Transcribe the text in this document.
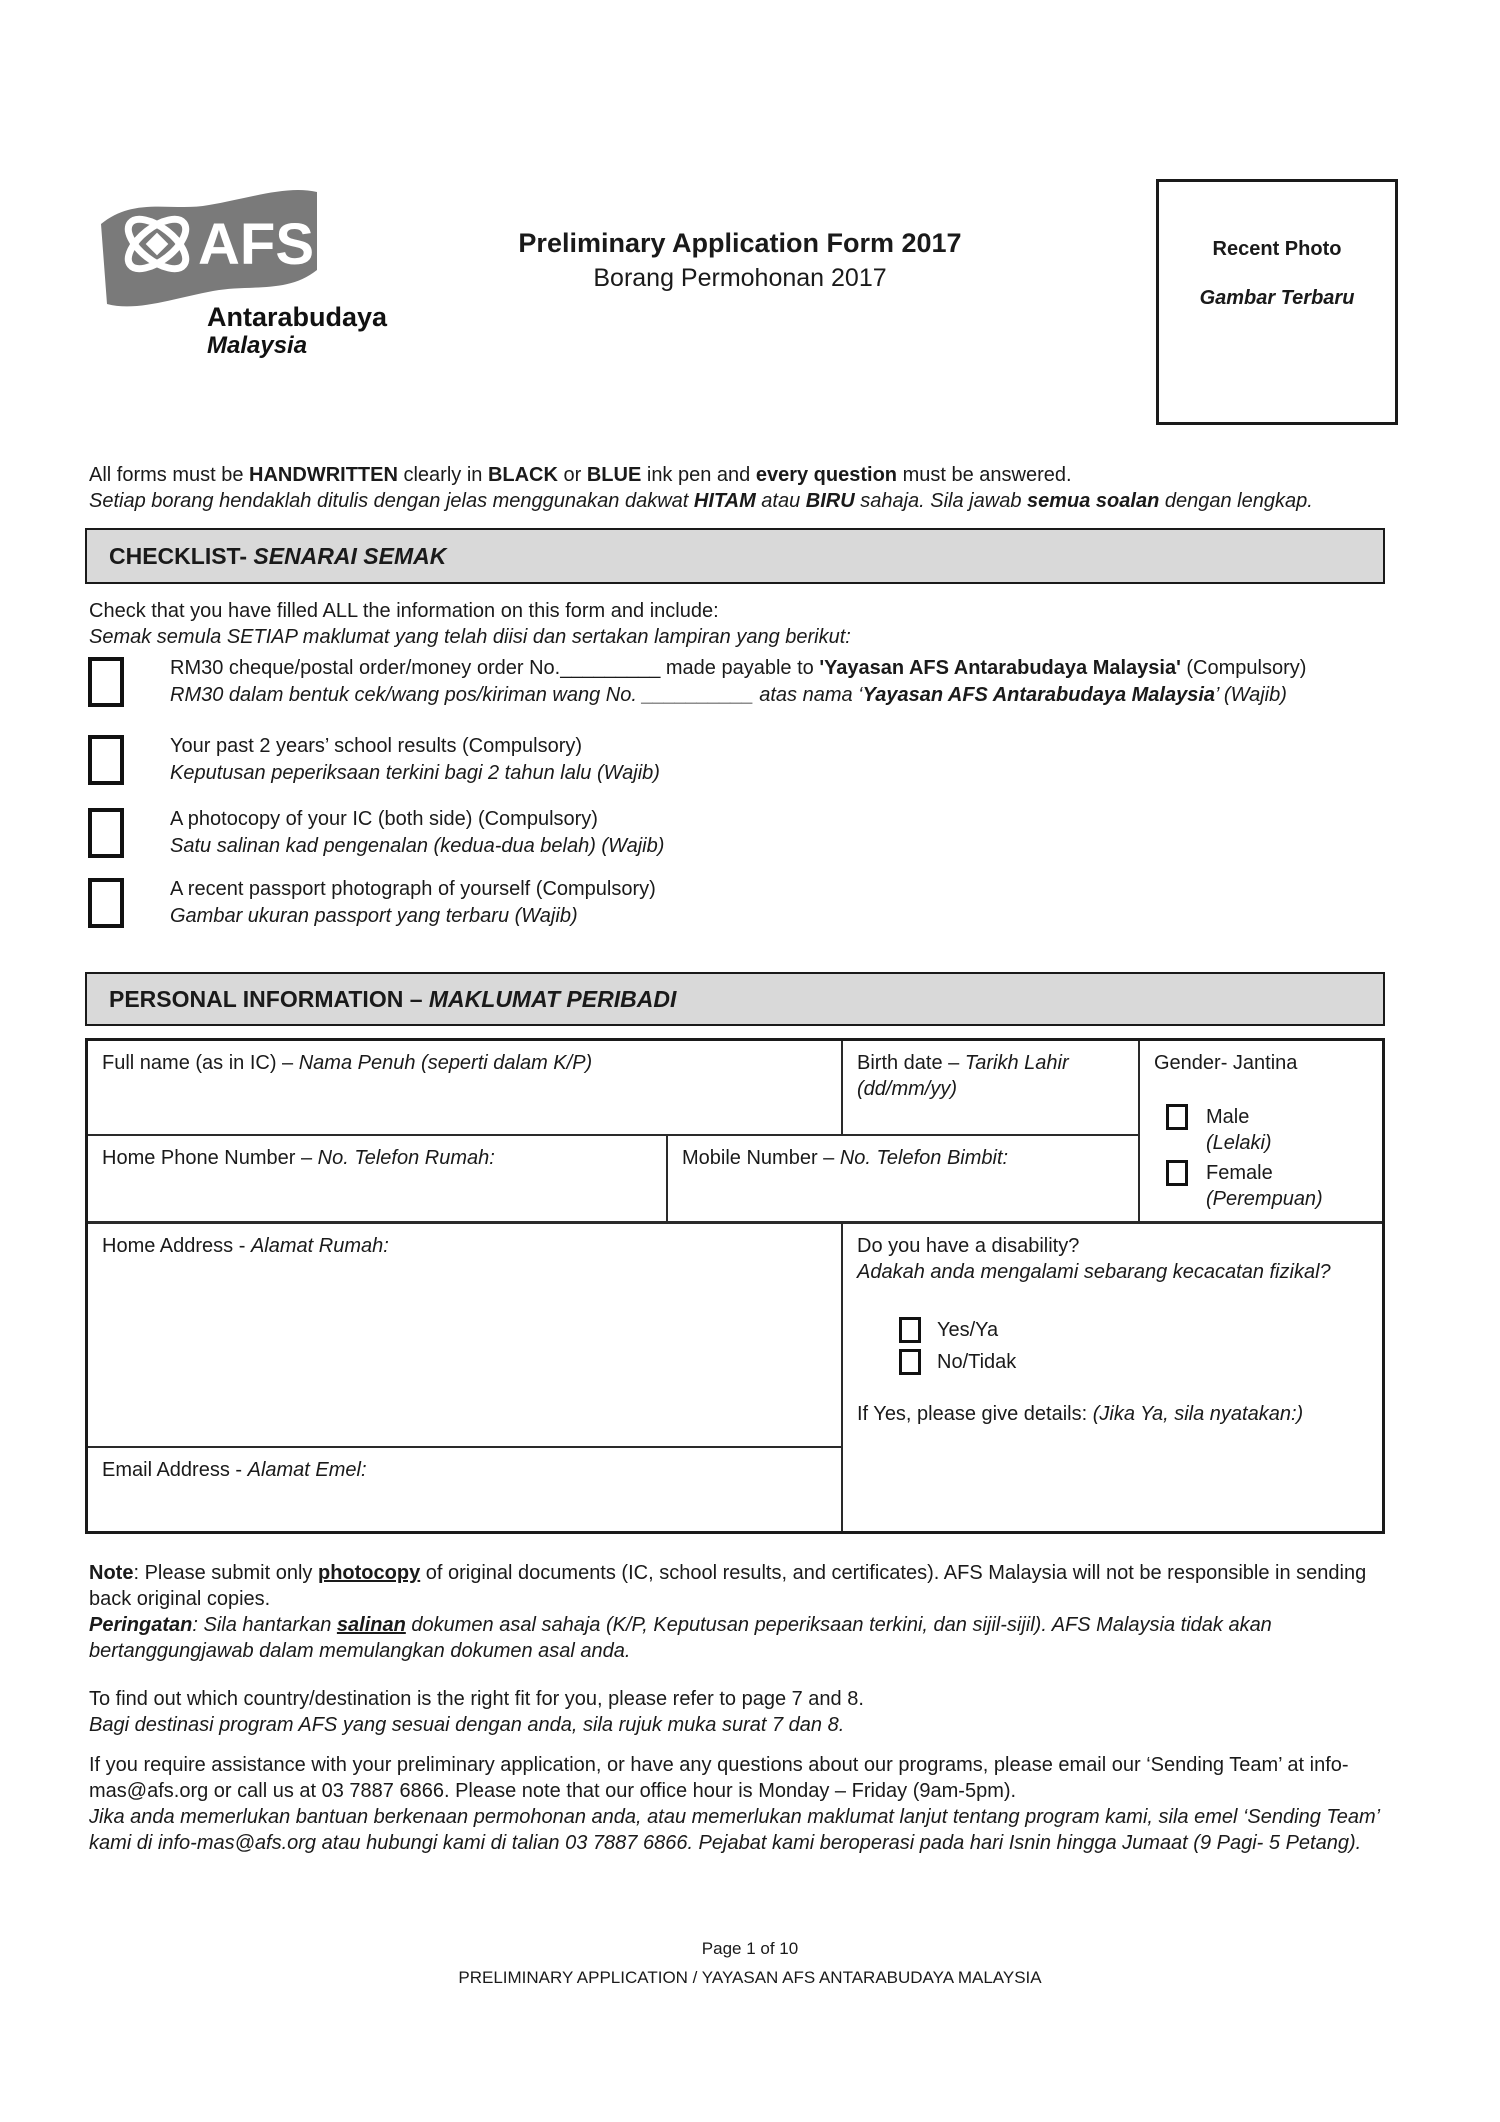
AFS
Antarabudaya
Malaysia
Preliminary Application Form 2017
Borang Permohonan 2017
Recent Photo
Gambar Terbaru
All forms must be HANDWRITTEN clearly in BLACK or BLUE ink pen and every question must be answered.
Setiap borang hendaklah ditulis dengan jelas menggunakan dakwat HITAM atau BIRU sahaja. Sila jawab semua soalan dengan lengkap.
CHECKLIST- SENARAI SEMAK
Check that you have filled ALL the information on this form and include:
Semak semula SETIAP maklumat yang telah diisi dan sertakan lampiran yang berikut:
RM30 cheque/postal order/money order No._________ made payable to 'Yayasan AFS Antarabudaya Malaysia' (Compulsory)
RM30 dalam bentuk cek/wang pos/kiriman wang No. __________ atas nama ‘Yayasan AFS Antarabudaya Malaysia’ (Wajib)
Your past 2 years’ school results (Compulsory)
Keputusan peperiksaan terkini bagi 2 tahun lalu (Wajib)
A photocopy of your IC (both side) (Compulsory)
Satu salinan kad pengenalan (kedua-dua belah) (Wajib)
A recent passport photograph of yourself (Compulsory)
Gambar ukuran passport yang terbaru (Wajib)
PERSONAL INFORMATION – MAKLUMAT PERIBADI
Full name (as in IC) – Nama Penuh (seperti dalam K/P)	Birth date – Tarikh Lahir
(dd/mm/yy)
Gender- Jantina
Male
(Lelaki)
Female
(Perempuan)
Home Phone Number – No. Telefon Rumah:	Mobile Number – No. Telefon Bimbit:
Home Address - Alamat Rumah:	Do you have a disability?
Adakah anda mengalami sebarang kecacatan fizikal?
Yes/Ya
No/Tidak
If Yes, please give details: (Jika Ya, sila nyatakan:)
Email Address - Alamat Emel:

Note: Please submit only photocopy of original documents (IC, school results, and certificates). AFS Malaysia will not be responsible in sending back original copies.

Peringatan: Sila hantarkan salinan dokumen asal sahaja (K/P, Keputusan peperiksaan terkini, dan sijil-sijil). AFS Malaysia tidak akan bertanggungjawab dalam memulangkan dokumen asal anda.

To find out which country/destination is the right fit for you, please refer to page 7 and 8.

Bagi destinasi program AFS yang sesuai dengan anda, sila rujuk muka surat 7 dan 8.

If you require assistance with your preliminary application, or have any questions about our programs, please email our ‘Sending Team’ at info-mas@afs.org or call us at 03 7887 6866. Please note that our office hour is Monday – Friday (9am-5pm).

Jika anda memerlukan bantuan berkenaan permohonan anda, atau memerlukan maklumat lanjut tentang program kami, sila emel ‘Sending Team’ kami di info-mas@afs.org atau hubungi kami di talian 03 7887 6866. Pejabat kami beroperasi pada hari Isnin hingga Jumaat (9 Pagi- 5 Petang).

Page 1 of 10
PRELIMINARY APPLICATION / YAYASAN AFS ANTARABUDAYA MALAYSIA
